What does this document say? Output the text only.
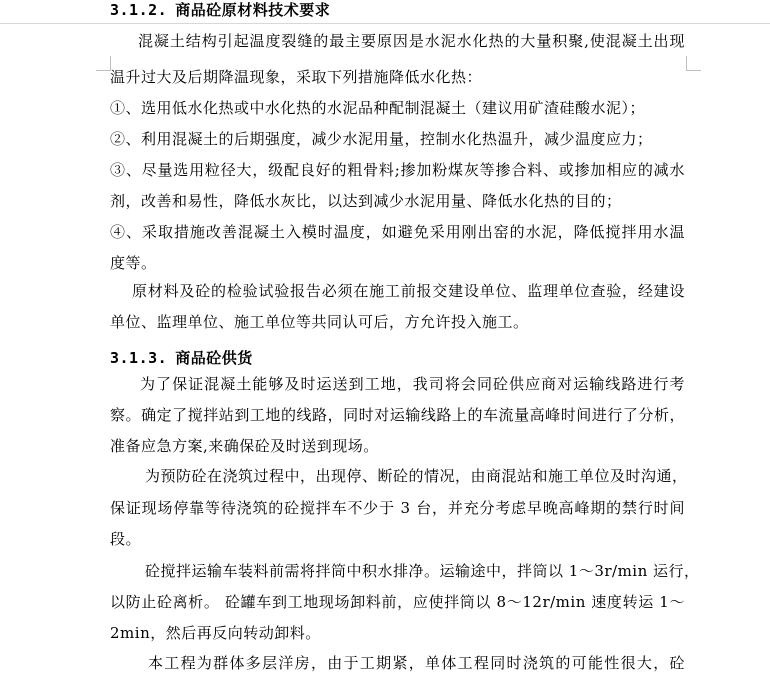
3.1.2. 商品砼原材料技术要求
混凝土结构引起温度裂缝的最主要原因是水泥水化热的大量积聚,使混凝土出现
温升过大及后期降温现象，采取下列措施降低水化热：
①、选用低水化热或中水化热的水泥品种配制混凝土（建议用矿渣硅酸水泥）；
②、利用混凝土的后期强度，减少水泥用量，控制水化热温升，减少温度应力；
③、尽量选用粒径大，级配良好的粗骨料;掺加粉煤灰等掺合料、或掺加相应的减水
剂，改善和易性，降低水灰比，以达到减少水泥用量、降低水化热的目的；
④、采取措施改善混凝土入模时温度，如避免采用刚出窑的水泥，降低搅拌用水温
度等。
原材料及砼的检验试验报告必须在施工前报交建设单位、监理单位查验，经建设
单位、监理单位、施工单位等共同认可后，方允许投入施工。
3.1.3. 商品砼供货
为了保证混凝土能够及时运送到工地，我司将会同砼供应商对运输线路进行考
察。确定了搅拌站到工地的线路，同时对运输线路上的车流量高峰时间进行了分析，
准备应急方案,来确保砼及时送到现场。
为预防砼在浇筑过程中，出现停、断砼的情况，由商混站和施工单位及时沟通，
保证现场停靠等待浇筑的砼搅拌车不少于 3 台，并充分考虑早晚高峰期的禁行时间
段。
砼搅拌运输车装料前需将拌筒中积水排净。运输途中，拌筒以 1～3r/min 运行，
以防止砼离析。 砼罐车到工地现场卸料前，应使拌筒以 8～12r/min 速度转运 1～
2min，然后再反向转动卸料。
本工程为群体多层洋房，由于工期紧，单体工程同时浇筑的可能性很大，砼
